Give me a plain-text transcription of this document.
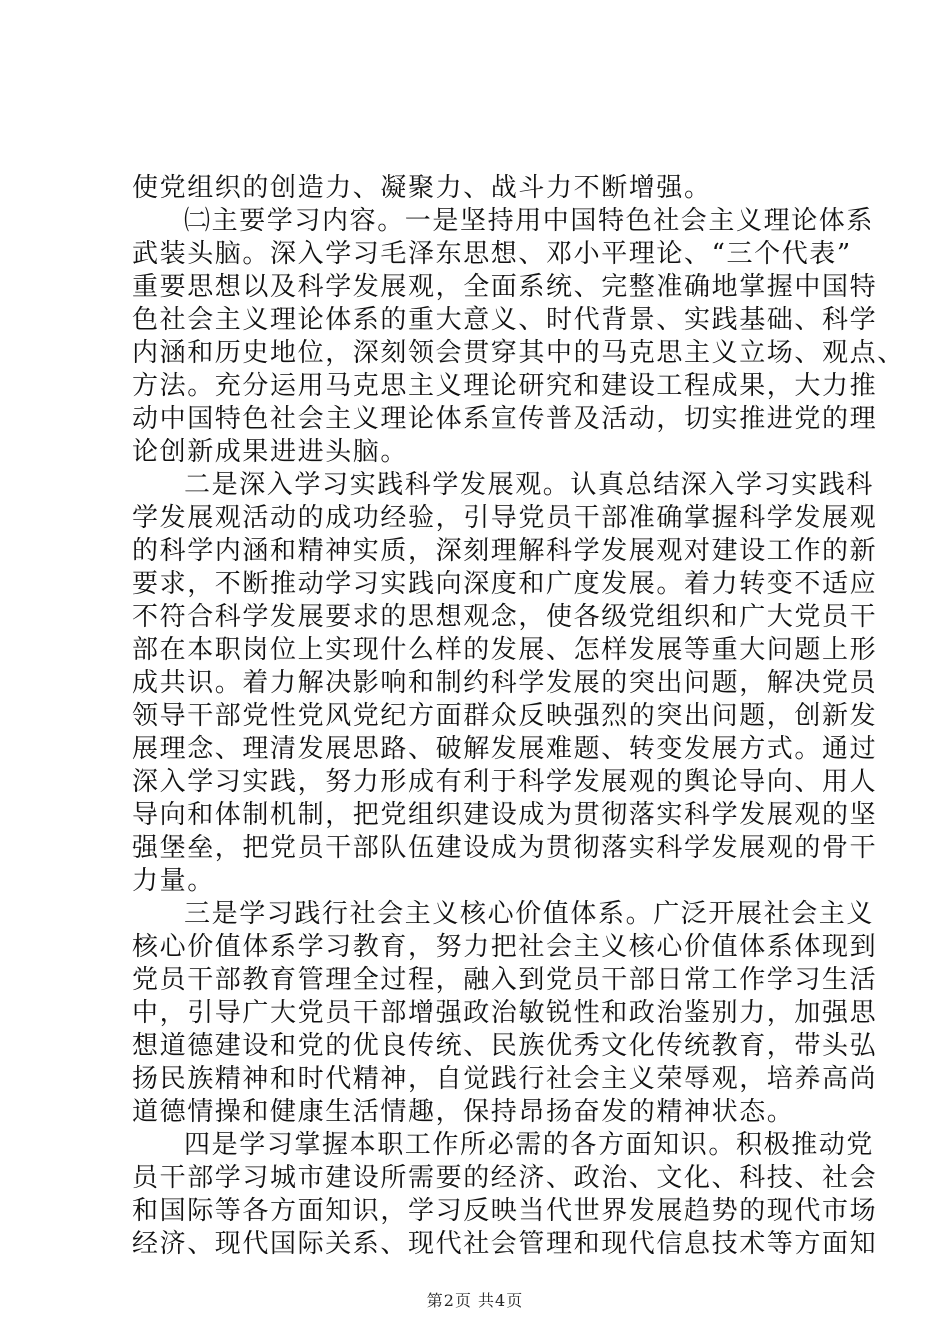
使党组织的创造力、凝聚力、战斗力不断增强。
㈡主要学习内容。一是坚持用中国特色社会主义理论体系
武装头脑。深入学习毛泽东思想、邓小平理论、“三个代表”
重要思想以及科学发展观，全面系统、完整准确地掌握中国特
色社会主义理论体系的重大意义、时代背景、实践基础、科学
内涵和历史地位，深刻领会贯穿其中的马克思主义立场、观点、
方法。充分运用马克思主义理论研究和建设工程成果，大力推
动中国特色社会主义理论体系宣传普及活动，切实推进党的理
论创新成果进进头脑。
二是深入学习实践科学发展观。认真总结深入学习实践科
学发展观活动的成功经验，引导党员干部准确掌握科学发展观
的科学内涵和精神实质，深刻理解科学发展观对建设工作的新
要求，不断推动学习实践向深度和广度发展。着力转变不适应
不符合科学发展要求的思想观念，使各级党组织和广大党员干
部在本职岗位上实现什么样的发展、怎样发展等重大问题上形
成共识。着力解决影响和制约科学发展的突出问题，解决党员
领导干部党性党风党纪方面群众反映强烈的突出问题，创新发
展理念、理清发展思路、破解发展难题、转变发展方式。通过
深入学习实践，努力形成有利于科学发展观的舆论导向、用人
导向和体制机制，把党组织建设成为贯彻落实科学发展观的坚
强堡垒，把党员干部队伍建设成为贯彻落实科学发展观的骨干
力量。
三是学习践行社会主义核心价值体系。广泛开展社会主义
核心价值体系学习教育，努力把社会主义核心价值体系体现到
党员干部教育管理全过程，融入到党员干部日常工作学习生活
中，引导广大党员干部增强政治敏锐性和政治鉴别力，加强思
想道德建设和党的优良传统、民族优秀文化传统教育，带头弘
扬民族精神和时代精神，自觉践行社会主义荣辱观，培养高尚
道德情操和健康生活情趣，保持昂扬奋发的精神状态。
四是学习掌握本职工作所必需的各方面知识。积极推动党
员干部学习城市建设所需要的经济、政治、文化、科技、社会
和国际等各方面知识，学习反映当代世界发展趋势的现代市场
经济、现代国际关系、现代社会管理和现代信息技术等方面知
第2页 共4页
